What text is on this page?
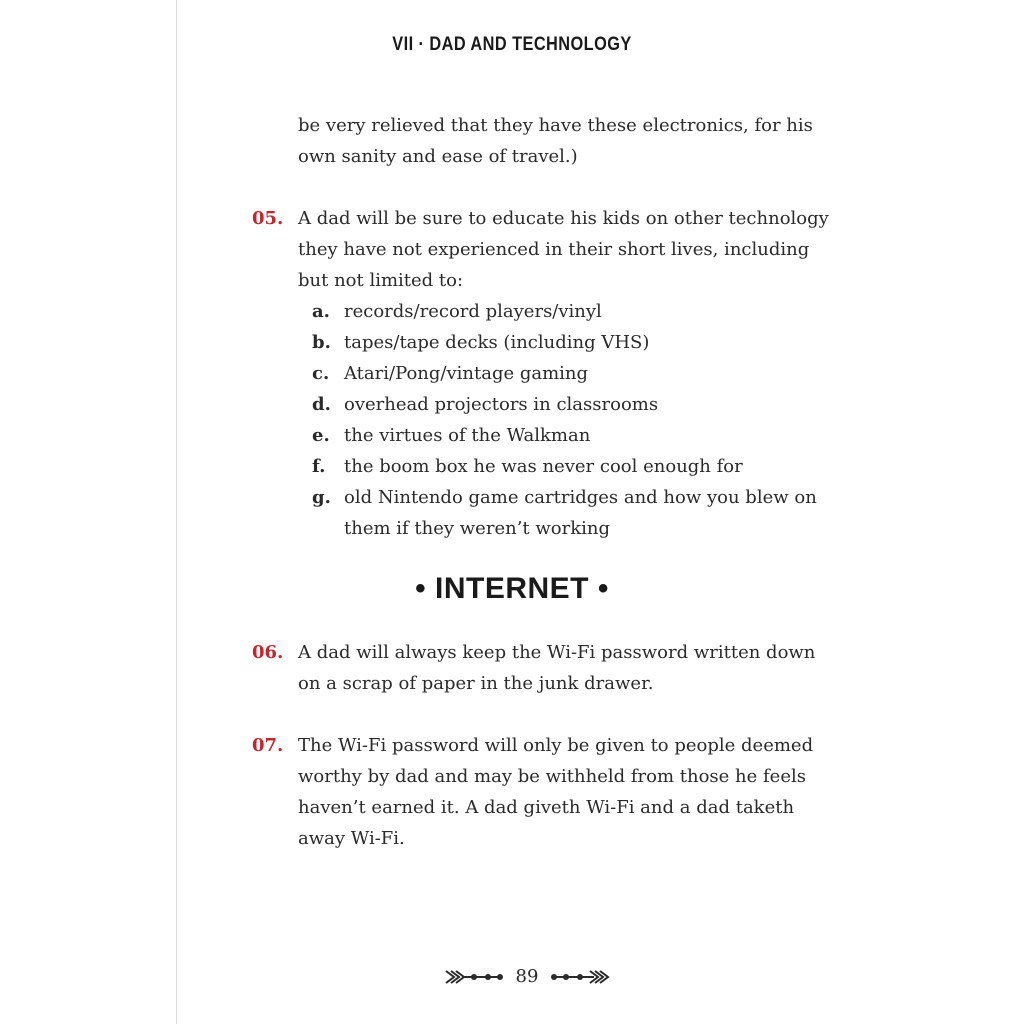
VII · DAD AND TECHNOLOGY
be very relieved that they have these electronics, for his
own sanity and ease of travel.)
05. A dad will be sure to educate his kids on other technology
they have not experienced in their short lives, including
but not limited to:
a. records/record players/vinyl
b. tapes/tape decks (including VHS)
c. Atari/Pong/vintage gaming
d. overhead projectors in classrooms
e. the virtues of the Walkman
f. the boom box he was never cool enough for
g. old Nintendo game cartridges and how you blew on
them if they weren’t working
• INTERNET •
06. A dad will always keep the Wi-Fi password written down
on a scrap of paper in the junk drawer.
07. The Wi-Fi password will only be given to people deemed
worthy by dad and may be withheld from those he feels
haven’t earned it. A dad giveth Wi-Fi and a dad taketh
away Wi-Fi.
89
